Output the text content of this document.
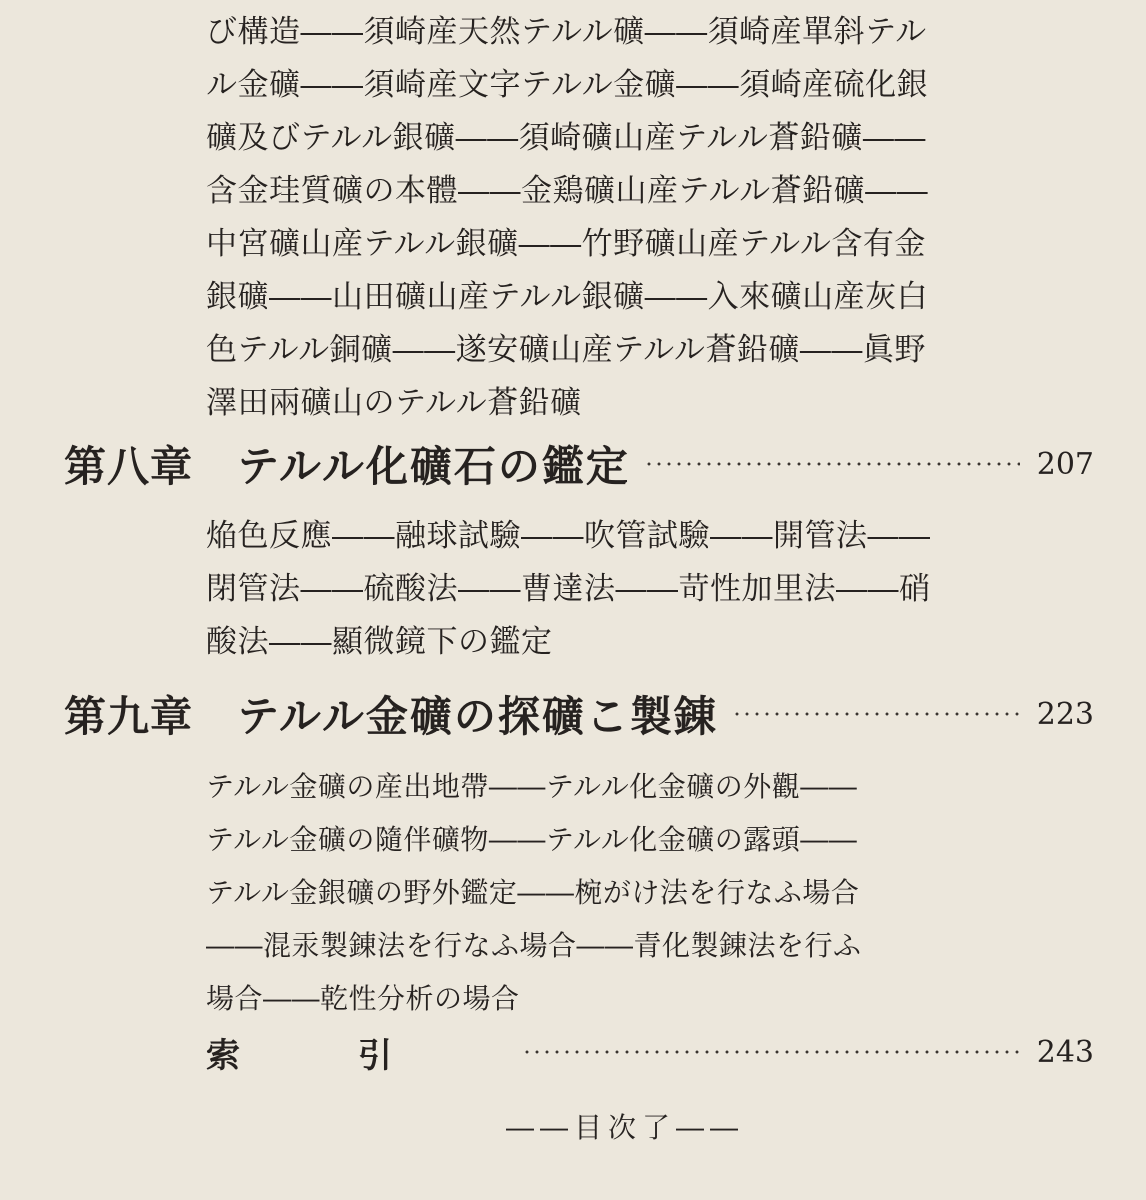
び構造――須崎産天然テルル礦――須崎産單斜テル
ル金礦――須崎産文字テルル金礦――須崎産硫化銀
礦及びテルル銀礦――須崎礦山産テルル蒼鉛礦――
含金珪質礦の本體――金鶏礦山産テルル蒼鉛礦――
中宮礦山産テルル銀礦――竹野礦山産テルル含有金
銀礦――山田礦山産テルル銀礦――入來礦山産灰白
色テルル銅礦――遂安礦山産テルル蒼鉛礦――眞野
澤田兩礦山のテルル蒼鉛礦
第八章 テルル化礦石の鑑定	207
焔色反應――融球試驗――吹管試驗――開管法――
閉管法――硫酸法――曹達法――苛性加里法――硝
酸法――顯微鏡下の鑑定
第九章 テルル金礦の探礦こ製錬	223
テルル金礦の産出地帶――テルル化金礦の外觀――
テルル金礦の隨伴礦物――テルル化金礦の露頭――
テルル金銀礦の野外鑑定――椀がけ法を行なふ場合
――混汞製錬法を行なふ場合――青化製錬法を行ふ
場合――乾性分析の場合
索引	243
――目次了――
